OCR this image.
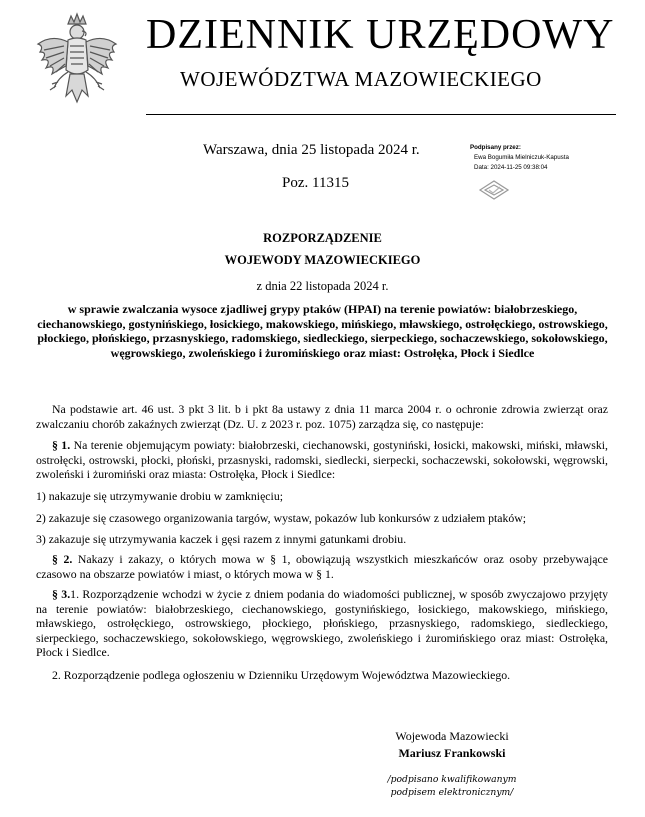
DZIENNIK URZĘDOWY
WOJEWÓDZTWA MAZOWIECKIEGO
Warszawa, dnia 25 listopada 2024 r.
Poz. 11315
Podpisany przez:
Ewa Bogumiła Mielniczuk-Kapusta
Data: 2024-11-25 09:38:04
ROZPORZĄDZENIE
WOJEWODY MAZOWIECKIEGO
z dnia 22 listopada 2024 r.
w sprawie zwalczania wysoce zjadliwej grypy ptaków (HPAI) na terenie powiatów: białobrzeskiego, ciechanowskiego, gostynińskiego, łosickiego, makowskiego, mińskiego, mławskiego, ostrołęckiego, ostrowskiego, płockiego, płońskiego, przasnyskiego, radomskiego, siedleckiego, sierpeckiego, sochaczewskiego, sokołowskiego, węgrowskiego, zwoleńskiego i żuromińskiego oraz miast: Ostrołęka, Płock i Siedlce
Na podstawie art. 46 ust. 3 pkt 3 lit. b i pkt 8a ustawy z dnia 11 marca 2004 r. o ochronie zdrowia zwierząt oraz zwalczaniu chorób zakaźnych zwierząt (Dz. U. z 2023 r. poz. 1075) zarządza się, co następuje:
§ 1. Na terenie objemującym powiaty: białobrzeski, ciechanowski, gostyniński, łosicki, makowski, miński, mławski, ostrołęcki, ostrowski, płocki, płoński, przasnyski, radomski, siedlecki, sierpecki, sochaczewski, sokołowski, węgrowski, zwoleński i żuromiński oraz miasta: Ostrołęka, Płock i Siedlce:
1) nakazuje się utrzymywanie drobiu w zamknięciu;
2) zakazuje się czasowego organizowania targów, wystaw, pokazów lub konkursów z udziałem ptaków;
3) zakazuje się utrzymywania kaczek i gęsi razem z innymi gatunkami drobiu.
§ 2. Nakazy i zakazy, o których mowa w § 1, obowiązują wszystkich mieszkańców oraz osoby przebywające czasowo na obszarze powiatów i miast, o których mowa w § 1.
§ 3.1. Rozporządzenie wchodzi w życie z dniem podania do wiadomości publicznej, w sposób zwyczajowo przyjęty na terenie powiatów: białobrzeskiego, ciechanowskiego, gostynińskiego, łosickiego, makowskiego, mińskiego, mławskiego, ostrołęckiego, ostrowskiego, płockiego, płońskiego, przasnyskiego, radomskiego, siedleckiego, sierpeckiego, sochaczewskiego, sokołowskiego, węgrowskiego, zwoleńskiego i żuromińskiego oraz miast: Ostrołęka, Płock i Siedlce.
2. Rozporządzenie podlega ogłoszeniu w Dzienniku Urzędowym Województwa Mazowieckiego.
Wojewoda Mazowiecki
Mariusz Frankowski
/podpisano kwalifikowanym
podpisem elektronicznym/
